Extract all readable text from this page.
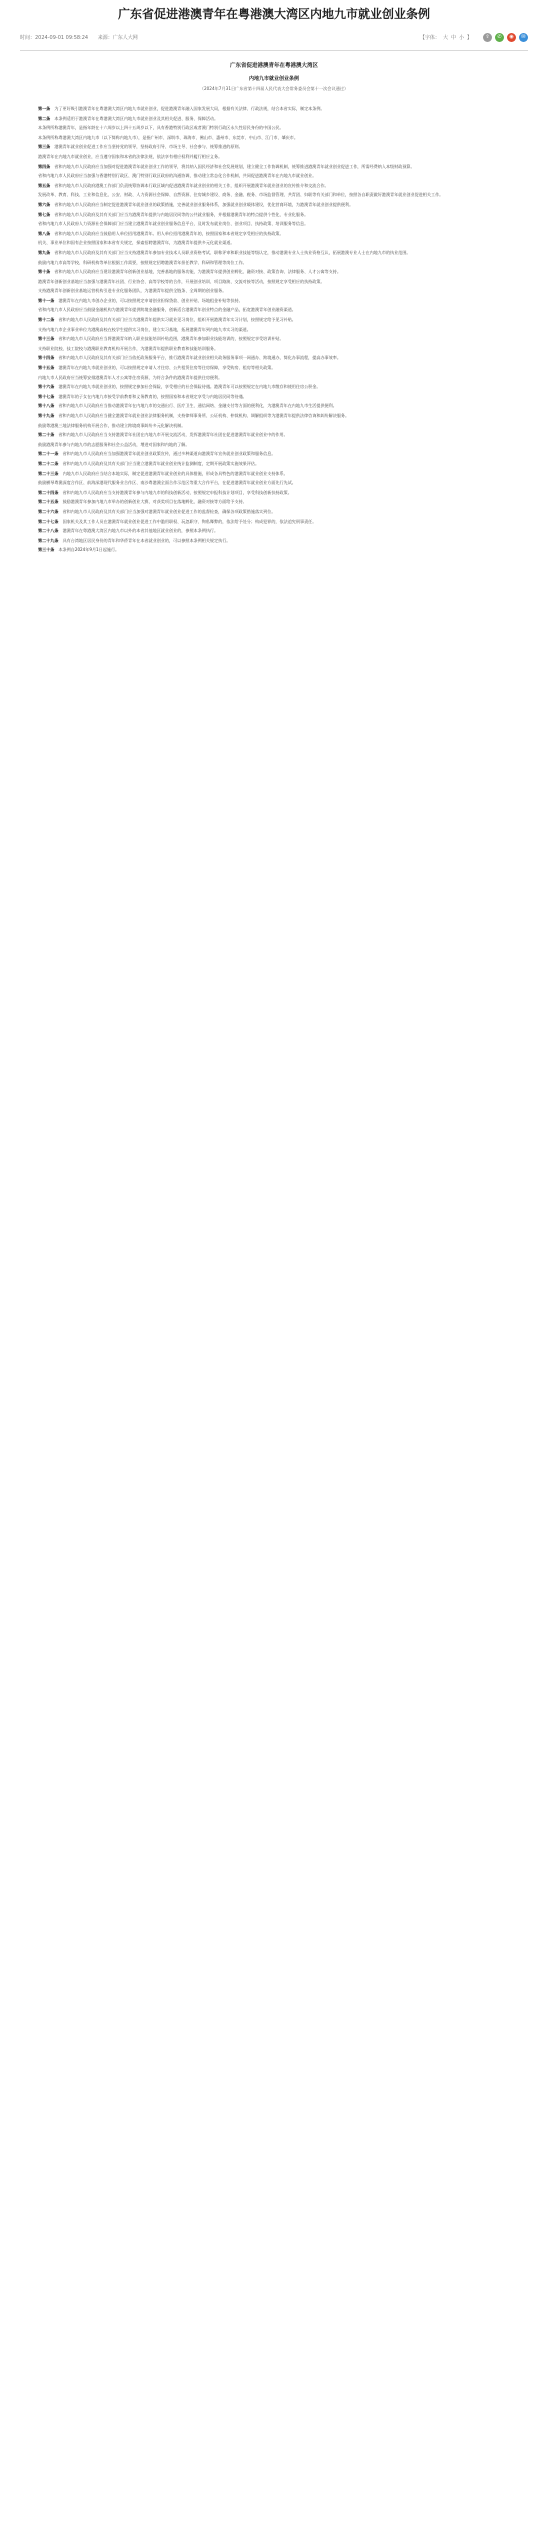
广东省促进港澳青年在粤港澳大湾区内地九市就业创业条例
时间：2024-09-01 09:58:24 来源：广东人大网	【字体： 大 中 小 】	⇪	✆	◉	✉
广东省促进港澳青年在粤港澳大湾区
内地九市就业创业条例
（2024年7月31日广东省第十四届人民代表大会常务委员会第十一次会议通过）

第一条　 为了更好吸引港澳青年在粤港澳大湾区内地九市就业创业，促进港澳青年融入国家发展大局，根据有关法律、行政法规，结合本省实际，制定本条例。

第二条　 本条例适用于港澳青年在粤港澳大湾区内地九市就业创业及其相关促进、服务、保障活动。

本条例所称港澳青年，是指年龄在十六周岁以上四十五周岁以下，具有香港特别行政区或者澳门特别行政区永久性居民身份的中国公民。

本条例所称粤港澳大湾区内地九市（以下简称内地九市），是指广州市、深圳市、珠海市、佛山市、惠州市、东莞市、中山市、江门市、肇庆市。

第三条　 港澳青年就业创业促进工作应当坚持党的领导，坚持政府引导、市场主导、社会参与、统筹推进的原则。

港澳青年在内地九市就业创业，应当遵守国家和本省的法律法规，依法享有相应权利并履行相应义务。

第四条　 省和内地九市人民政府应当加强对促进港澳青年就业创业工作的领导，将其纳入国民经济和社会发展规划，建立健全工作协调机制，统筹推进港澳青年就业创业促进工作，所需经费纳入本级财政预算。

省和内地九市人民政府应当加强与香港特别行政区、澳门特别行政区政府的沟通协调，推动建立常态化合作机制，共同促进港澳青年在内地九市就业创业。

第五条　 省和内地九市人民政府港澳工作部门负责统筹协调本行政区域内促进港澳青年就业创业的相关工作，组织开展港澳青年就业创业的宣传推介和交流合作。

发展改革、教育、科技、工业和信息化、公安、财政、人力资源社会保障、自然资源、住房城乡建设、商务、金融、税务、市场监督管理、共青团、妇联等有关部门和单位，按照各自职责做好港澳青年就业创业促进相关工作。

第六条　 省和内地九市人民政府应当制定促进港澳青年就业创业的政策措施，完善就业创业服务体系，加强就业创业载体建设，优化营商环境，为港澳青年就业创业提供便利。

第七条　 省和内地九市人民政府及其有关部门应当为港澳青年提供与内地居民同等的公共就业服务，并根据港澳青年的特点提供个性化、专业化服务。

省和内地九市人民政府人力资源社会保障部门应当建立港澳青年就业创业服务信息平台，及时发布就业岗位、创业项目、扶持政策、培训服务等信息。

第八条　 省和内地九市人民政府应当鼓励用人单位招用港澳青年。用人单位招用港澳青年的，按照国家和本省规定享受相应的扶持政策。

机关、事业单位和国有企业按照国家和本省有关规定，探索招聘港澳青年，为港澳青年提供多元化就业渠道。

第九条　 省和内地九市人民政府及其有关部门应当支持港澳青年参加专业技术人员职业资格考试、职称评审和职业技能等级认定，推动港澳专业人士执业资格互认，拓展港澳专业人士在内地九市的执业范围。

鼓励内地九市高等学校、科研机构等单位根据工作需要，按照规定招聘港澳青年担任教学、科研和管理等岗位工作。

第十条　 省和内地九市人民政府应当建设港澳青年创新创业基地，完善基地的服务功能，为港澳青年提供创业孵化、融资对接、政策咨询、法律服务、人才公寓等支持。

港澳青年创新创业基地应当加强与港澳青年社团、行业协会、高等学校等的合作，开展创业培训、项目路演、交流对接等活动，按照规定享受相应的扶持政策。

支持港澳青年创新创业基地运营机构引进专业化服务团队，为港澳青年提供全链条、全周期的创业服务。

第十一条　 港澳青年在内地九市创办企业的，可以按照规定申请创业担保贷款、创业补贴、场地租金补贴等扶持。

省和内地九市人民政府应当鼓励金融机构为港澳青年提供跨境金融服务，创新适合港澳青年创业特点的金融产品，拓宽港澳青年创业融资渠道。

第十二条　 省和内地九市人民政府及其有关部门应当为港澳青年提供实习就业见习岗位，组织开展港澳青年实习计划，按照规定给予见习补贴。

支持内地九市企业事业单位为港澳高校在校学生提供实习岗位，建立实习基地，拓展港澳青年到内地九市实习的渠道。

第十三条　 省和内地九市人民政府应当将港澳青年纳入职业技能培训补贴范围，港澳青年参加职业技能培训的，按照规定享受培训补贴。

支持职业院校、技工院校与港澳职业教育机构开展合作，为港澳青年提供职业教育和技能培训服务。

第十四条　 省和内地九市人民政府及其有关部门应当依托政务服务平台，推行港澳青年就业创业相关政务服务事项一网通办、跨境通办，简化办事流程，提高办事效率。

第十五条　 港澳青年在内地九市就业创业的，可以按照规定申请人才住房、公共租赁住房等住房保障，享受购房、租房等相关政策。

内地九市人民政府应当统筹安排港澳青年人才公寓等住房资源，为符合条件的港澳青年提供住房便利。

第十六条　 港澳青年在内地九市就业创业的，按照规定参加社会保险，享受相应的社会保险待遇。港澳青年可以按照规定在内地九市缴存和使用住房公积金。

第十七条　 港澳青年的子女在内地九市接受学前教育和义务教育的，按照国家和本省规定享受与内地居民同等待遇。

第十八条　 省和内地九市人民政府应当推动港澳青年在内地九市的交通出行、医疗卫生、通信网络、金融支付等方面的便利化，为港澳青年在内地九市生活提供便利。

第十九条　 省和内地九市人民政府应当健全港澳青年就业创业法律服务机制，支持律师事务所、公证机构、仲裁机构、调解组织等为港澳青年提供法律咨询和纠纷解决服务。

鼓励粤港澳三地法律服务机构开展合作，推动建立跨境商事纠纷多元化解决机制。

第二十条　 省和内地九市人民政府应当支持港澳青年社团在内地九市开展交流活动，发挥港澳青年社团在促进港澳青年就业创业中的作用。

鼓励港澳青年参与内地九市的志愿服务和社会公益活动，增进对国家和内地的了解。

第二十一条　 省和内地九市人民政府应当加强港澳青年就业创业政策宣传，通过多种渠道向港澳青年宣传就业创业政策和服务信息。

第二十二条　 省和内地九市人民政府及其有关部门应当建立港澳青年就业创业统计监测制度，定期开展政策实施效果评估。

第二十三条　 内地九市人民政府应当结合本地实际，制定促进港澳青年就业创业的具体措施，形成各具特色的港澳青年就业创业支持体系。

鼓励横琴粤澳深度合作区、前海深港现代服务业合作区、南沙粤港澳全面合作示范区等重大合作平台，在促进港澳青年就业创业方面先行先试。

第二十四条　 省和内地九市人民政府应当支持港澳青年参与内地九市的科技创新活动，按照规定申报科技计划项目，享受科技创新扶持政策。

第二十五条　 鼓励港澳青年参加内地九市举办的创新创业大赛，对获奖项目在落地孵化、融资对接等方面给予支持。

第二十六条　 省和内地九市人民政府及其有关部门应当加强对港澳青年就业创业促进工作的监督检查，确保各项政策措施落实到位。

第二十七条　 国家机关及其工作人员在港澳青年就业创业促进工作中滥用职权、玩忽职守、徇私舞弊的，依法给予处分；构成犯罪的，依法追究刑事责任。

第二十八条　 港澳青年在粤港澳大湾区内地九市以外的本省其他地区就业创业的，参照本条例执行。

第二十九条　 具有台湾地区居民身份的青年和华侨青年在本省就业创业的，可以参照本条例相关规定执行。

第三十条　 本条例自2024年9月1日起施行。
